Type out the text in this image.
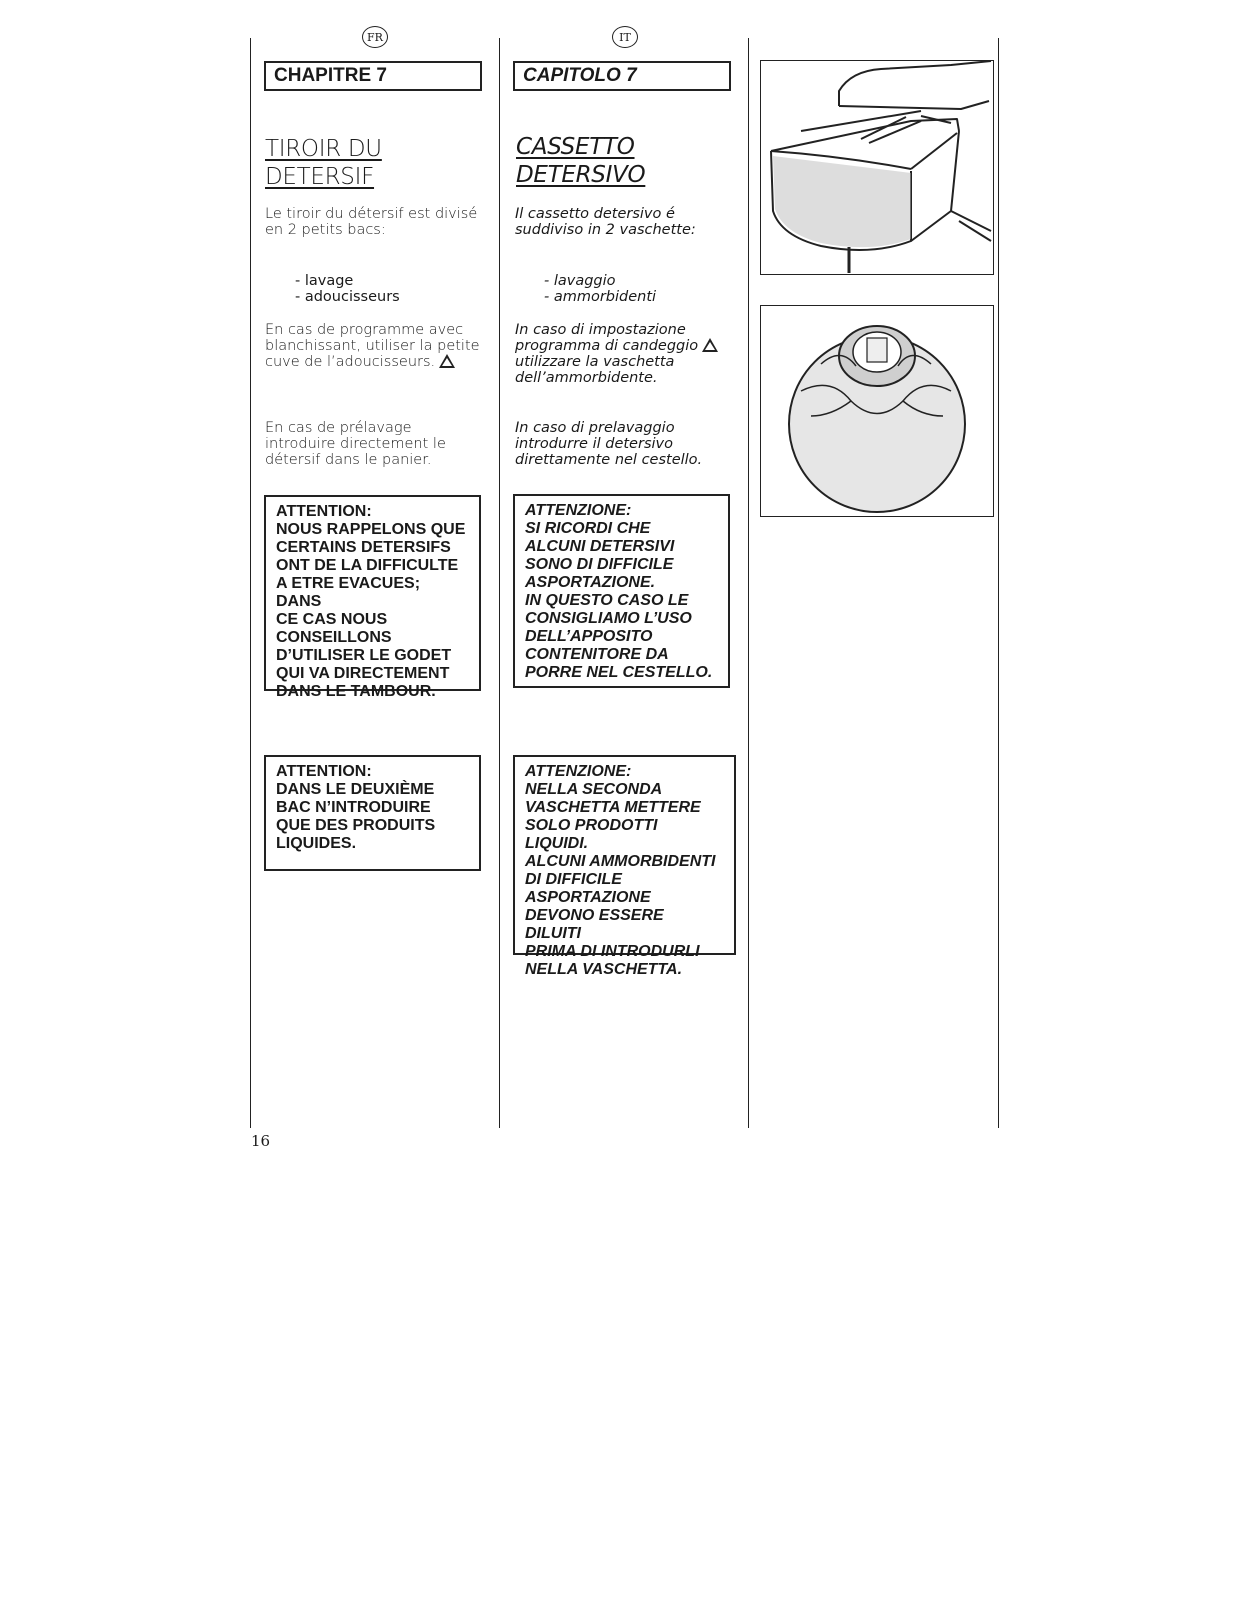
FR
CHAPITRE 7
TIROIR DU DETERSIF

Le tiroir du détersif est divisé
en 2 petits bacs:

- lavage
- adoucisseurs

En cas de programme avec
blanchissant, utiliser la petite
cuve de l’adoucisseurs.

En cas de prélavage
introduire directement le
détersif dans le panier.

ATTENTION:

NOUS RAPPELONS QUE

CERTAINS DETERSIFS

ONT DE LA DIFFICULTE

A ETRE EVACUES; DANS

CE CAS NOUS

CONSEILLONS

D’UTILISER LE GODET

QUI VA DIRECTEMENT

DANS LE TAMBOUR.

ATTENTION:

DANS LE DEUXIÈME

BAC N’INTRODUIRE

QUE DES PRODUITS

LIQUIDES.

IT
CAPITOLO 7
CASSETTO
DETERSIVO

Il cassetto detersivo é
suddiviso in 2 vaschette:

- lavaggio
- ammorbidenti

In caso di impostazione
programma di candeggio
utilizzare la vaschetta
dell’ammorbidente.

In caso di prelavaggio
introdurre il detersivo
direttamente nel cestello.

ATTENZIONE:

SI RICORDI CHE

ALCUNI DETERSIVI

SONO DI DIFFICILE

ASPORTAZIONE.

IN QUESTO CASO LE

CONSIGLIAMO L’USO

DELL’APPOSITO

CONTENITORE DA

PORRE NEL CESTELLO.

ATTENZIONE:

NELLA SECONDA

VASCHETTA METTERE

SOLO PRODOTTI

LIQUIDI.

ALCUNI AMMORBIDENTI

DI DIFFICILE

ASPORTAZIONE

DEVONO ESSERE DILUITI

PRIMA DI INTRODURLI

NELLA VASCHETTA.

16
